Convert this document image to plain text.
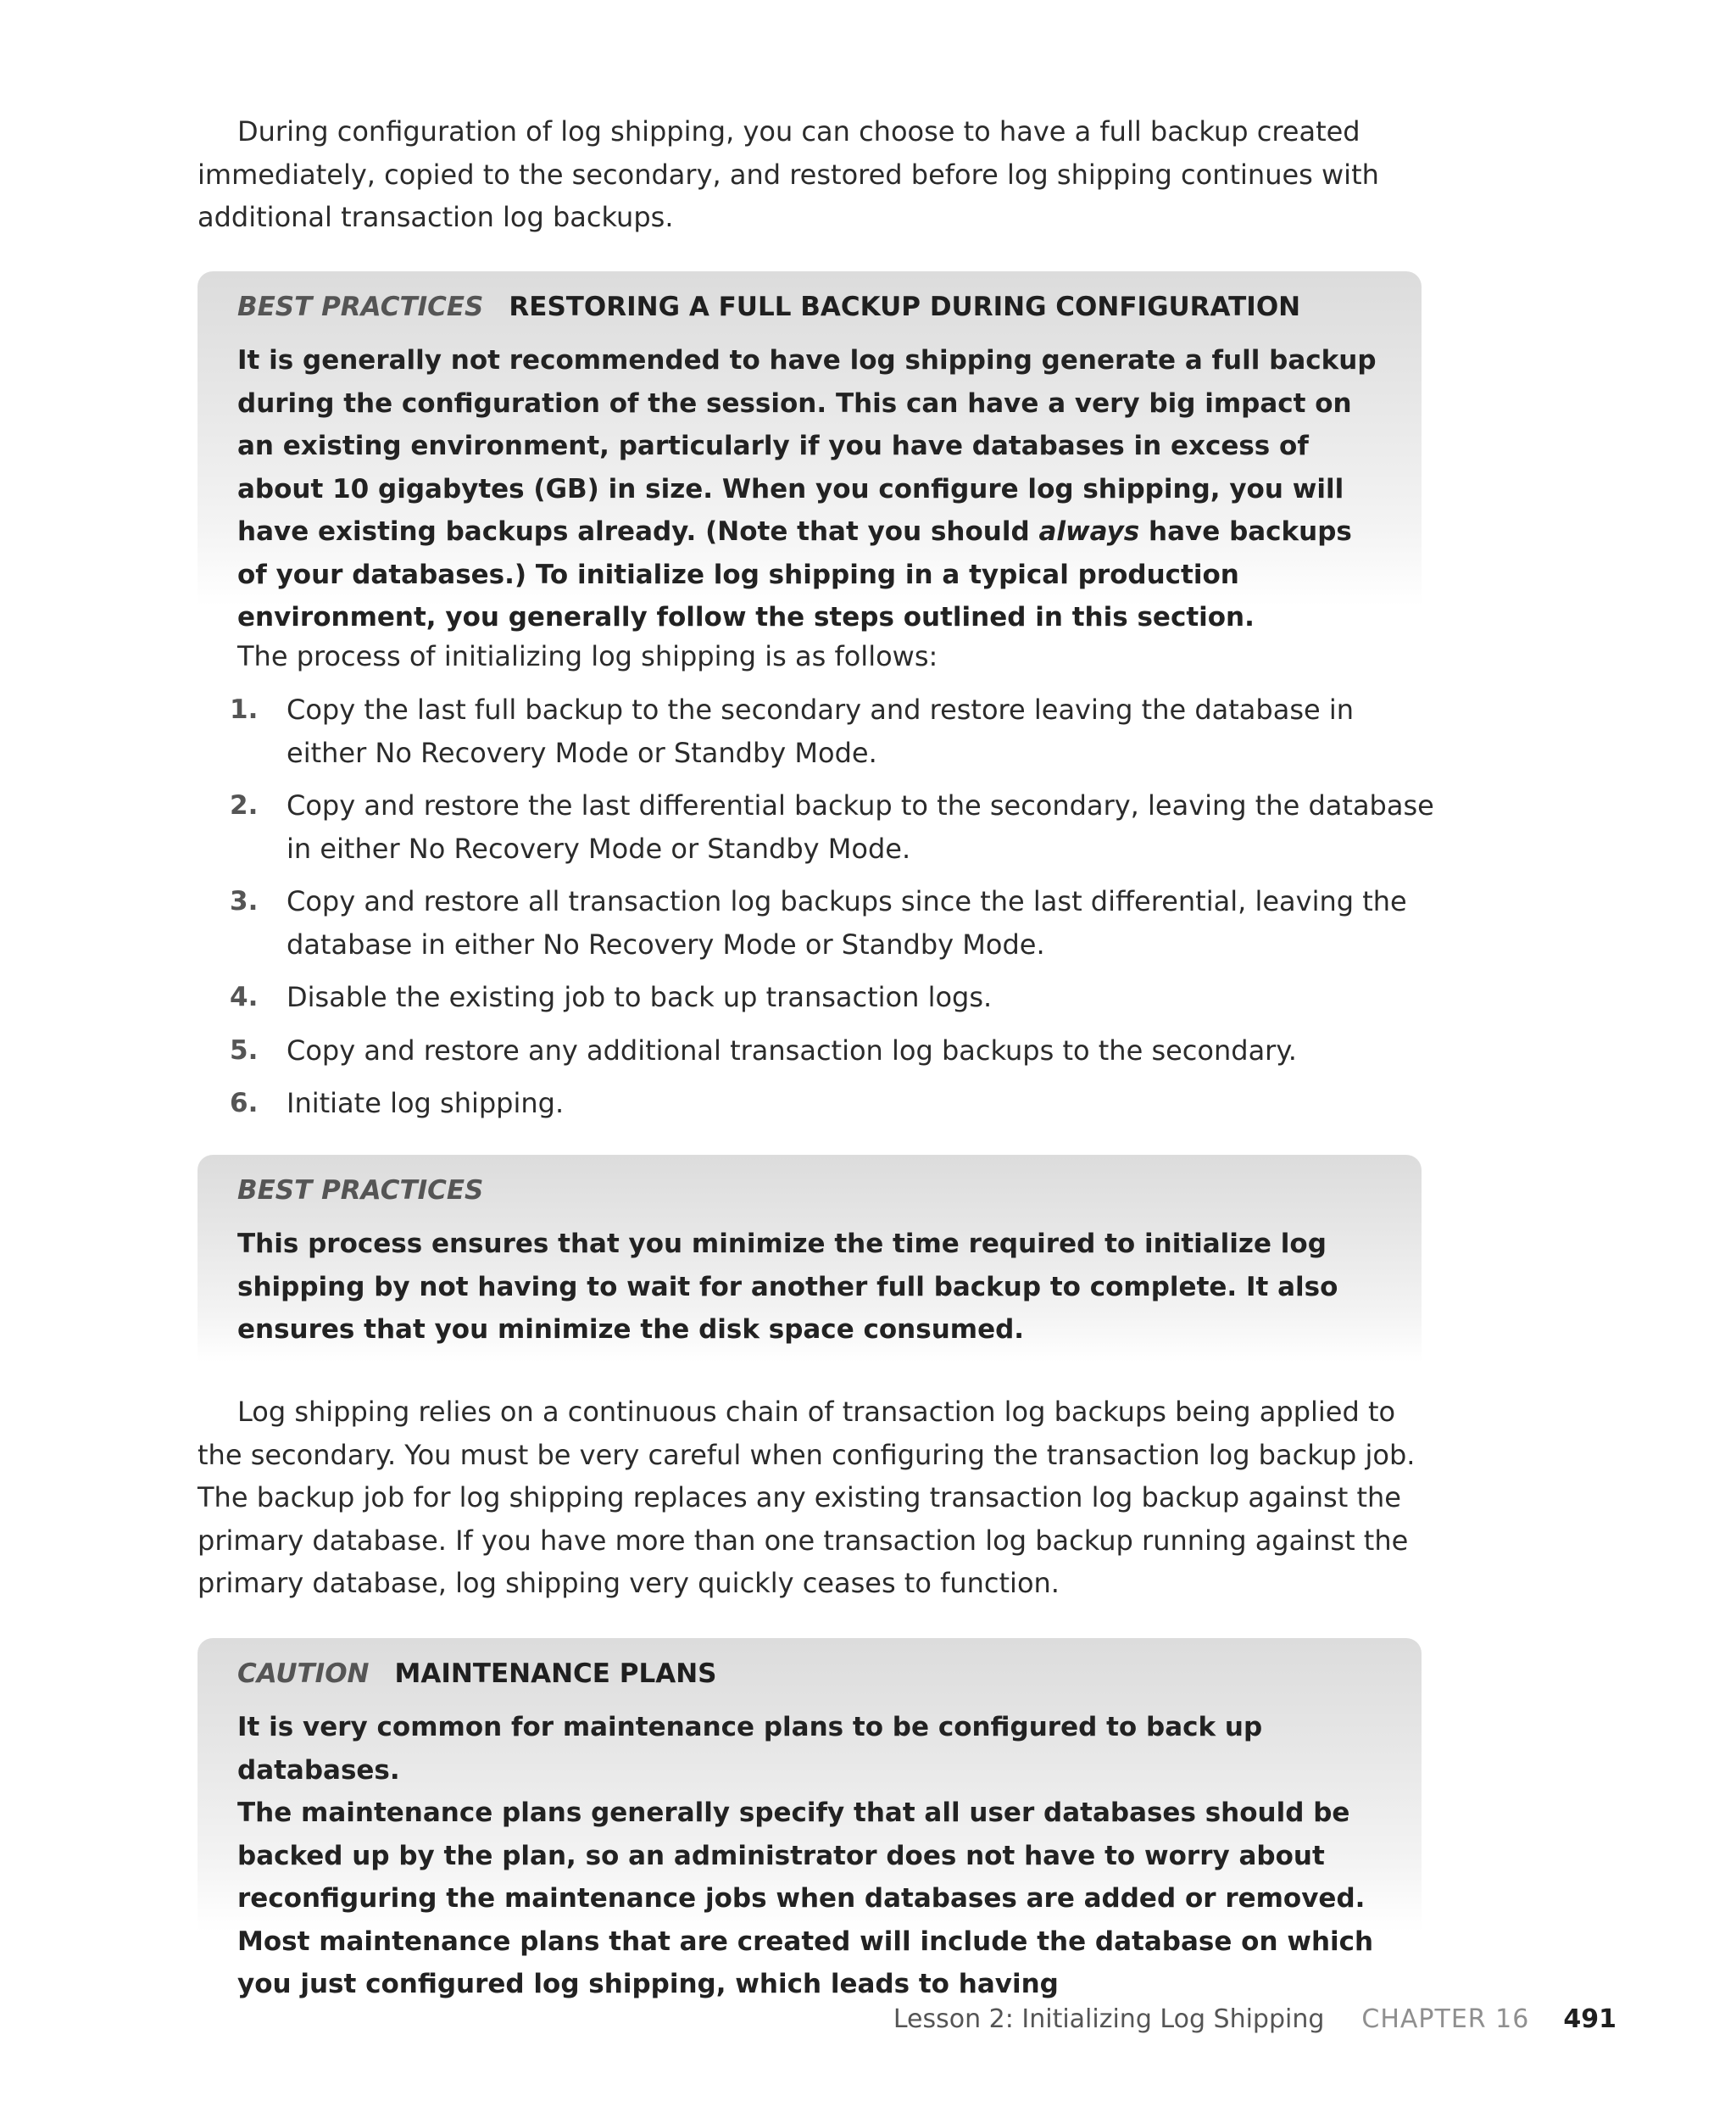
During configuration of log shipping, you can choose to have a full backup created immediately, copied to the secondary, and restored before log shipping continues with additional transaction log backups.

BEST PRACTICES RESTORING A FULL BACKUP DURING CONFIGURATION
It is generally not recommended to have log shipping generate a full backup during the configuration of the session. This can have a very big impact on an existing environment, particularly if you have databases in excess of about 10 gigabytes (GB) in size. When you configure log shipping, you will have existing backups already. (Note that you should always have backups of your databases.) To initialize log shipping in a typical production environment, you generally follow the steps outlined in this section.
The process of initializing log shipping is as follows:
1.	Copy the last full backup to the secondary and restore leaving the database in either No Recovery Mode or Standby Mode.
2.	Copy and restore the last differential backup to the secondary, leaving the database in either No Recovery Mode or Standby Mode.
3.	Copy and restore all transaction log backups since the last differential, leaving the database in either No Recovery Mode or Standby Mode.
4.	Disable the existing job to back up transaction logs.
5.	Copy and restore any additional transaction log backups to the secondary.
6.	Initiate log shipping.
BEST PRACTICES
This process ensures that you minimize the time required to initialize log shipping by not having to wait for another full backup to complete. It also ensures that you minimize the disk space consumed.

Log shipping relies on a continuous chain of transaction log backups being applied to the secondary. You must be very careful when configuring the transaction log backup job. The backup job for log shipping replaces any existing transaction log backup against the primary database. If you have more than one transaction log backup running against the primary database, log shipping very quickly ceases to function.

CAUTION MAINTENANCE PLANS
It is very common for maintenance plans to be configured to back up databases.
The maintenance plans generally specify that all user databases should be backed up by the plan, so an administrator does not have to worry about reconfiguring the maintenance jobs when databases are added or removed. Most maintenance plans that are created will include the database on which you just configured log shipping, which leads to having
Lesson 2: Initializing Log Shipping CHAPTER 16 491
